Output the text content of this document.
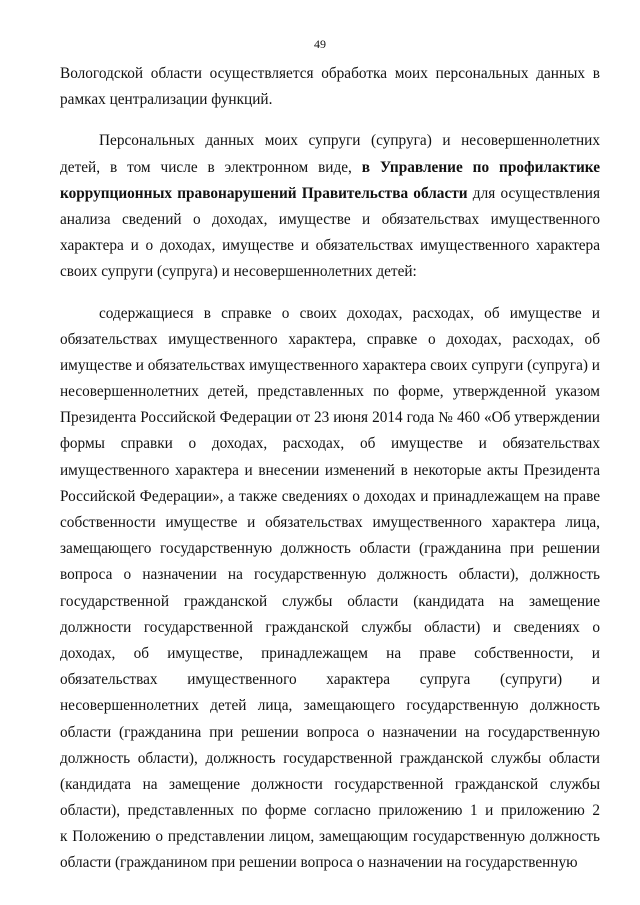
49
Вологодской области осуществляется обработка моих персональных данных в
рамках централизации функций.
Персональных данных моих супруги (супруга) и несовершеннолетних
детей, в том числе в электронном виде, в Управление по профилактике
коррупционных правонарушений Правительства области для осуществления
анализа сведений о доходах, имуществе и обязательствах имущественного
характера и о доходах, имуществе и обязательствах имущественного характера
своих супруги (супруга) и несовершеннолетних детей:
содержащиеся в справке о своих доходах, расходах, об имуществе и
обязательствах имущественного характера, справке о доходах, расходах, об
имуществе и обязательствах имущественного характера своих супруги (супруга) и
несовершеннолетних детей, представленных по форме, утвержденной указом
Президента Российской Федерации от 23 июня 2014 года № 460 «Об утверждении
формы справки о доходах, расходах, об имуществе и обязательствах
имущественного характера и внесении изменений в некоторые акты Президента
Российской Федерации», а также сведениях о доходах и принадлежащем на праве
собственности имуществе и обязательствах имущественного характера лица,
замещающего государственную должность области (гражданина при решении
вопроса о назначении на государственную должность области), должность
государственной гражданской службы области (кандидата на замещение
должности государственной гражданской службы области) и сведениях о
доходах, об имуществе, принадлежащем на праве собственности, и
обязательствах имущественного характера супруга (супруги) и
несовершеннолетних детей лица, замещающего государственную должность
области (гражданина при решении вопроса о назначении на государственную
должность области), должность государственной гражданской службы области
(кандидата на замещение должности государственной гражданской службы
области), представленных по форме согласно приложению 1 и приложению 2
к Положению о представлении лицом, замещающим государственную должность
области (гражданином при решении вопроса о назначении на государственную
